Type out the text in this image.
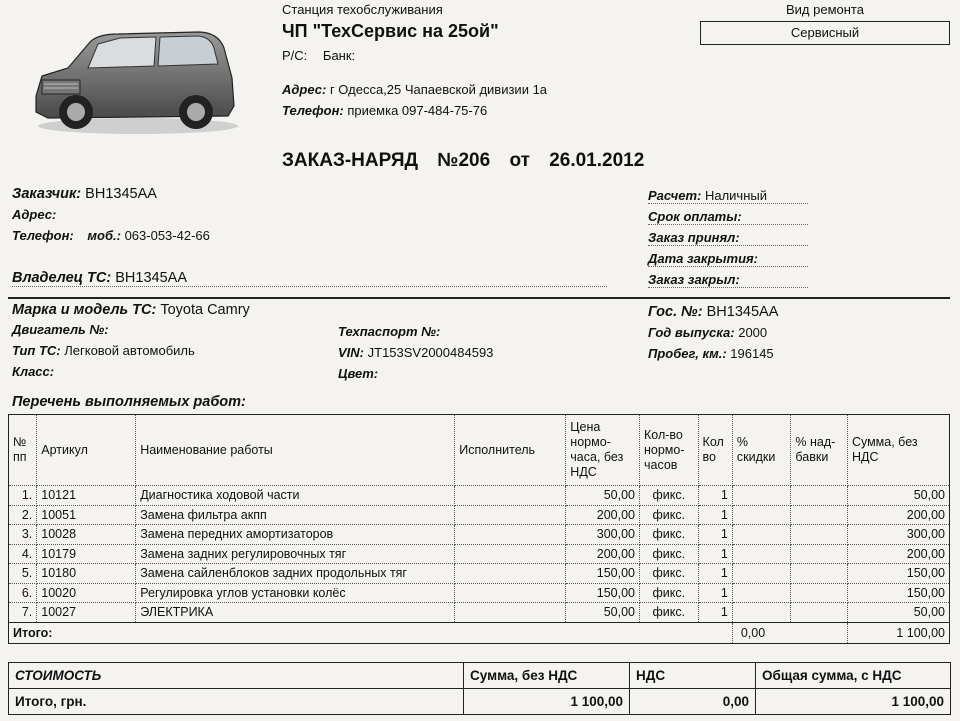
Станция техобслуживания
ЧП "ТехСервис на 25ой"
Р/С: Банк:
Адрес: г Одесса,25 Чапаевской дивизии 1а
Телефон: приемка 097-484-75-76
Вид ремонта
Сервисный
ЗАКАЗ-НАРЯД №206 от 26.01.2012
Заказчик: ВН1345АА
Адрес:
Телефон: моб.: 063-053-42-66
Владелец ТС: ВН1345АА
Расчет: Наличный
Срок оплаты:
Заказ принял:
Дата закрытия:
Заказ закрыл:
Марка и модель ТС: Toyota Camry
Двигатель №:
Тип ТС: Легковой автомобиль
Класс:
Техпаспорт №:
VIN: JT153SV2000484593
Цвет:
Гос. №: ВН1345АА
Год выпуска: 2000
Пробег, км.: 196145
Перечень выполняемых работ:
№ пп	Артикул	Наименование работы	Исполнитель	Цена нормо-часа, без НДС	Кол-во нормо-часов	Кол во	% скидки	% над-бавки	Сумма, без НДС
1.	10121	Диагностика ходовой части		50,00	фикс.	1			50,00
2.	10051	Замена фильтра акпп		200,00	фикс.	1			200,00
3.	10028	Замена передних амортизаторов		300,00	фикс.	1			300,00
4.	10179	Замена задних регулировочных тяг		200,00	фикс.	1			200,00
5.	10180	Замена сайленблоков задних продольных тяг		150,00	фикс.	1			150,00
6.	10020	Регулировка углов установки колёс		150,00	фикс.	1			150,00
7.	10027	ЭЛЕКТРИКА		50,00	фикс.	1			50,00
Итого:							0,00		1 100,00
СТОИМОСТЬ	Сумма, без НДС	НДС	Общая сумма, с НДС
Итого, грн.	1 100,00	0,00	1 100,00
